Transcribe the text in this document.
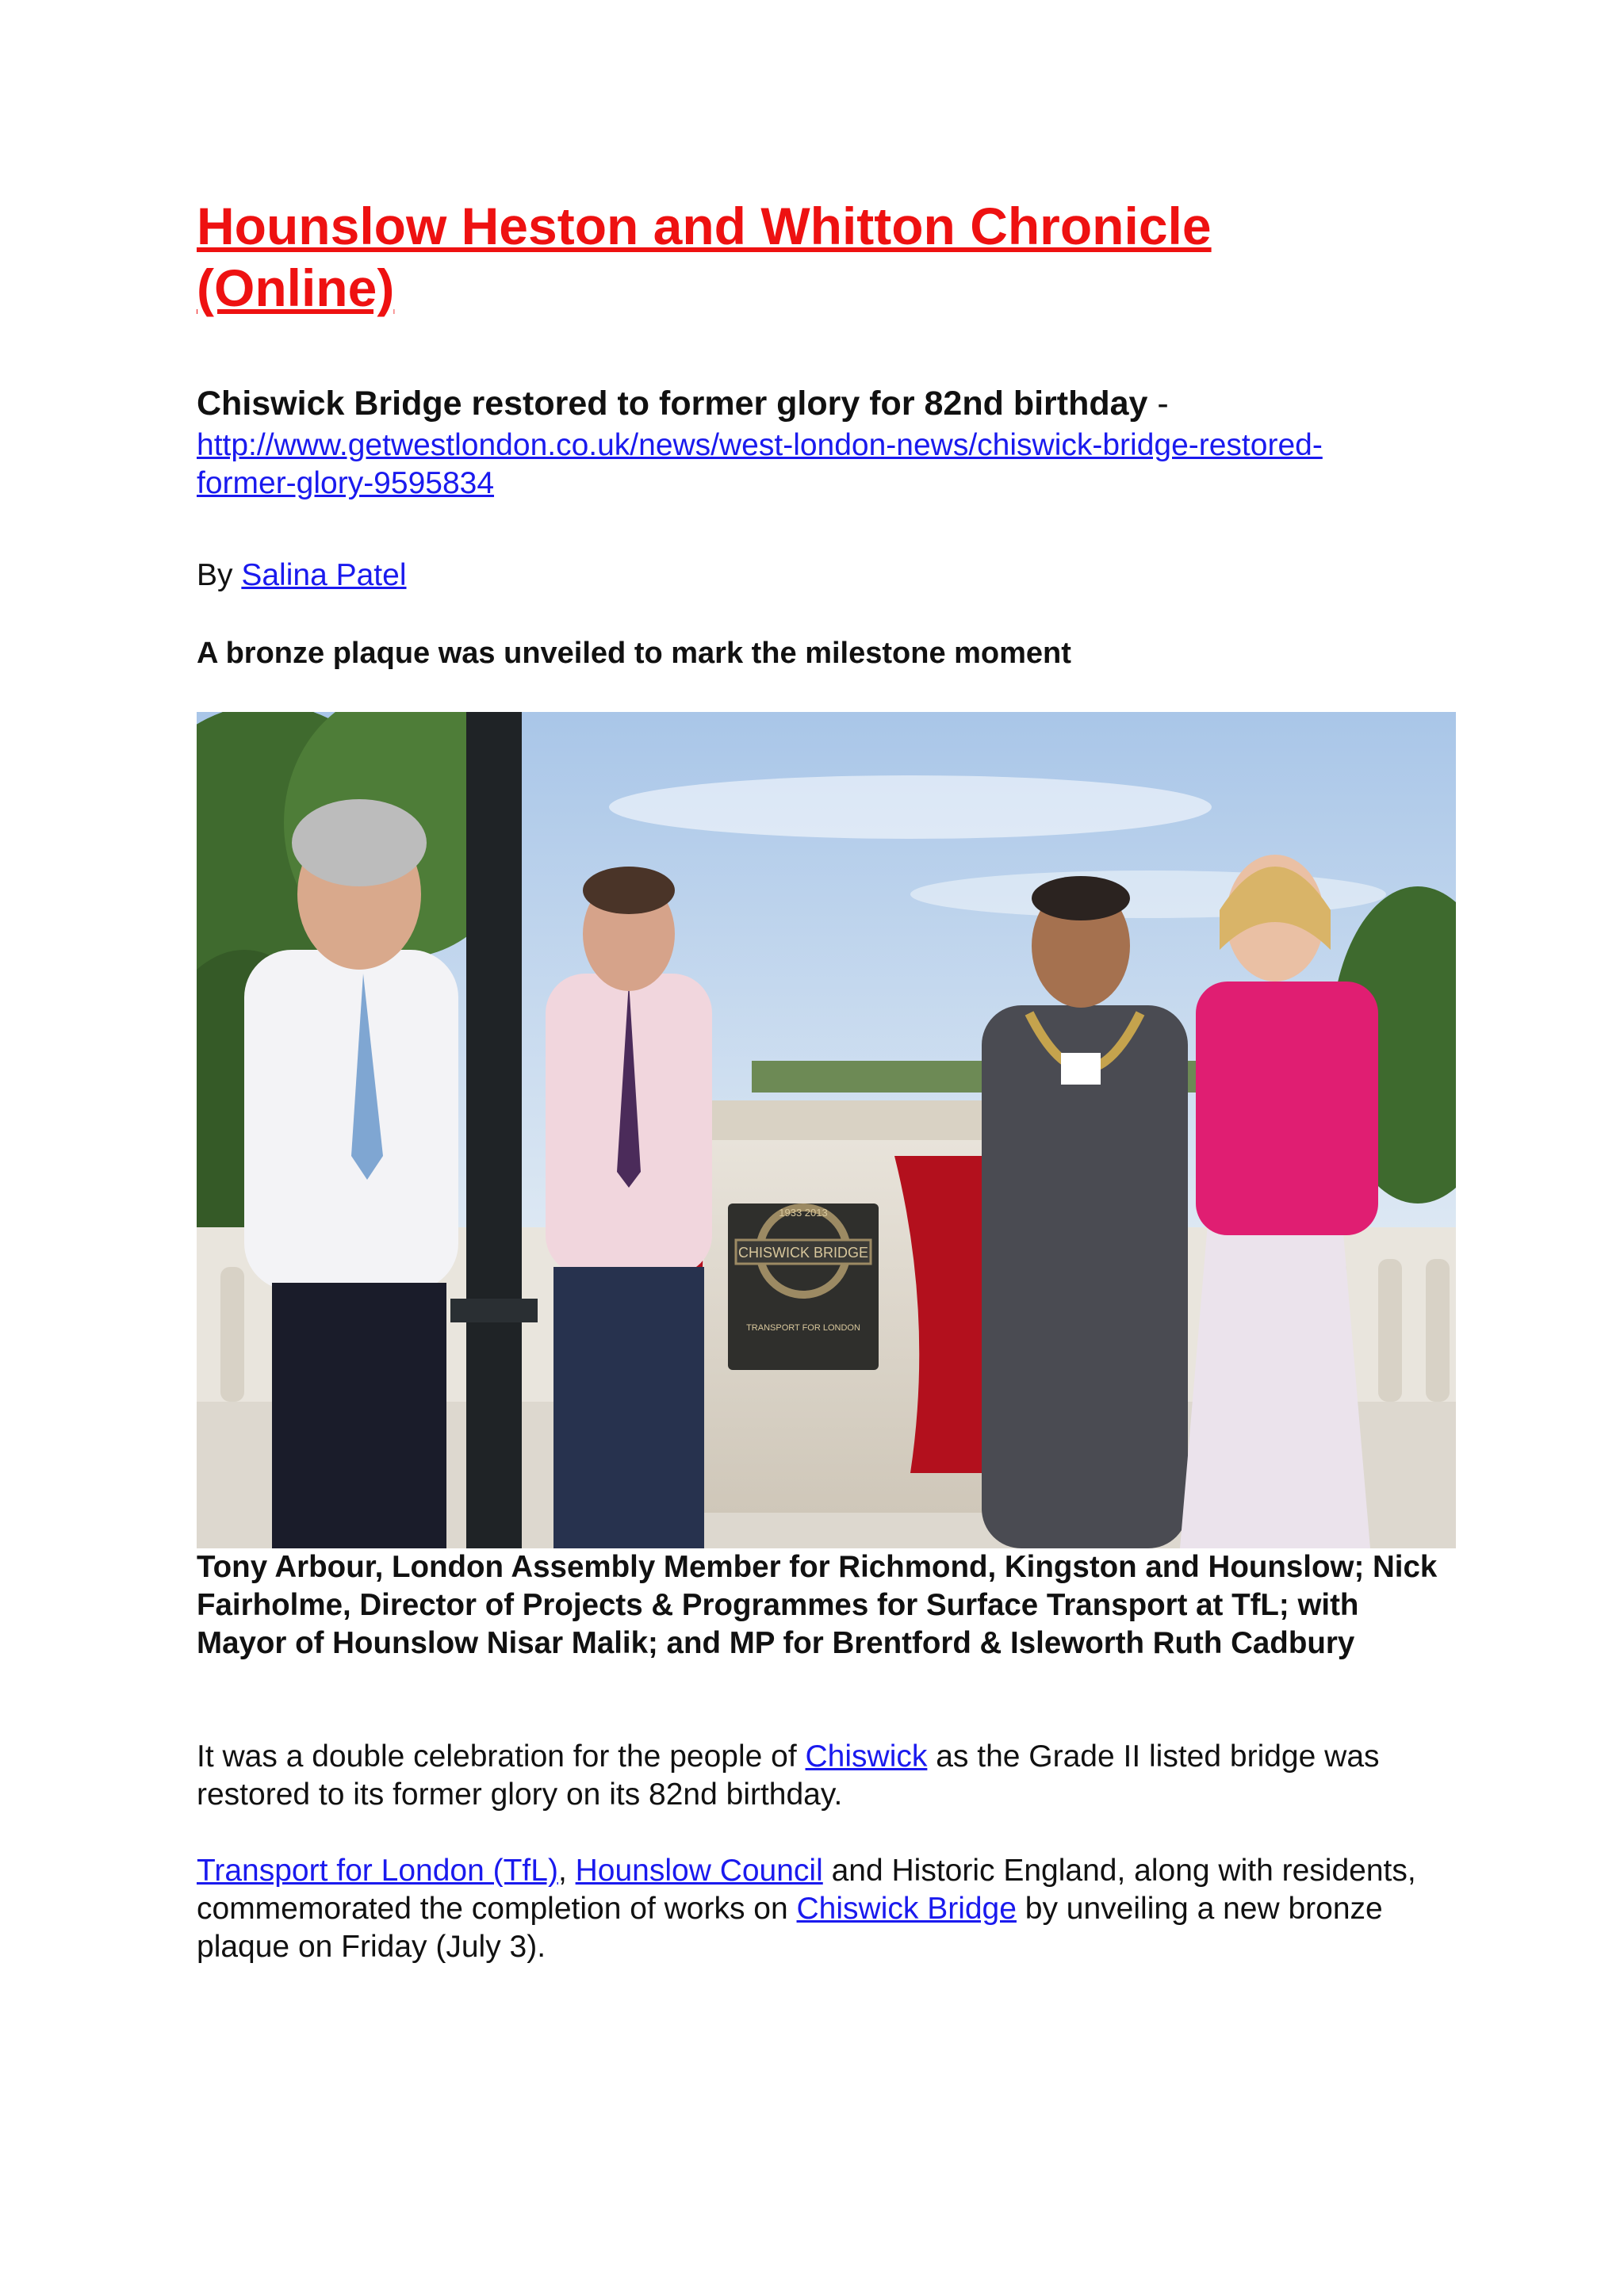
Hounslow Heston and Whitton Chronicle
(Online)
Chiswick Bridge restored to former glory for 82nd birthday -
http://www.getwestlondon.co.uk/news/west-london-news/chiswick-bridge-restored-
former-glory-9595834
By Salina Patel

A bronze plaque was unveiled to mark the milestone moment

CHISWICK BRIDGE
1933 2013
TRANSPORT FOR LONDON

Tony Arbour, London Assembly Member for Richmond, Kingston and Hounslow; Nick Fairholme, Director of Projects & Programmes for Surface Transport at TfL; with Mayor of Hounslow Nisar Malik; and MP for Brentford & Isleworth Ruth Cadbury

It was a double celebration for the people of Chiswick as the Grade II listed bridge was restored to its former glory on its 82nd birthday.

Transport for London (TfL), Hounslow Council and Historic England, along with residents, commemorated the completion of works on Chiswick Bridge by unveiling a new bronze plaque on Friday (July 3).
